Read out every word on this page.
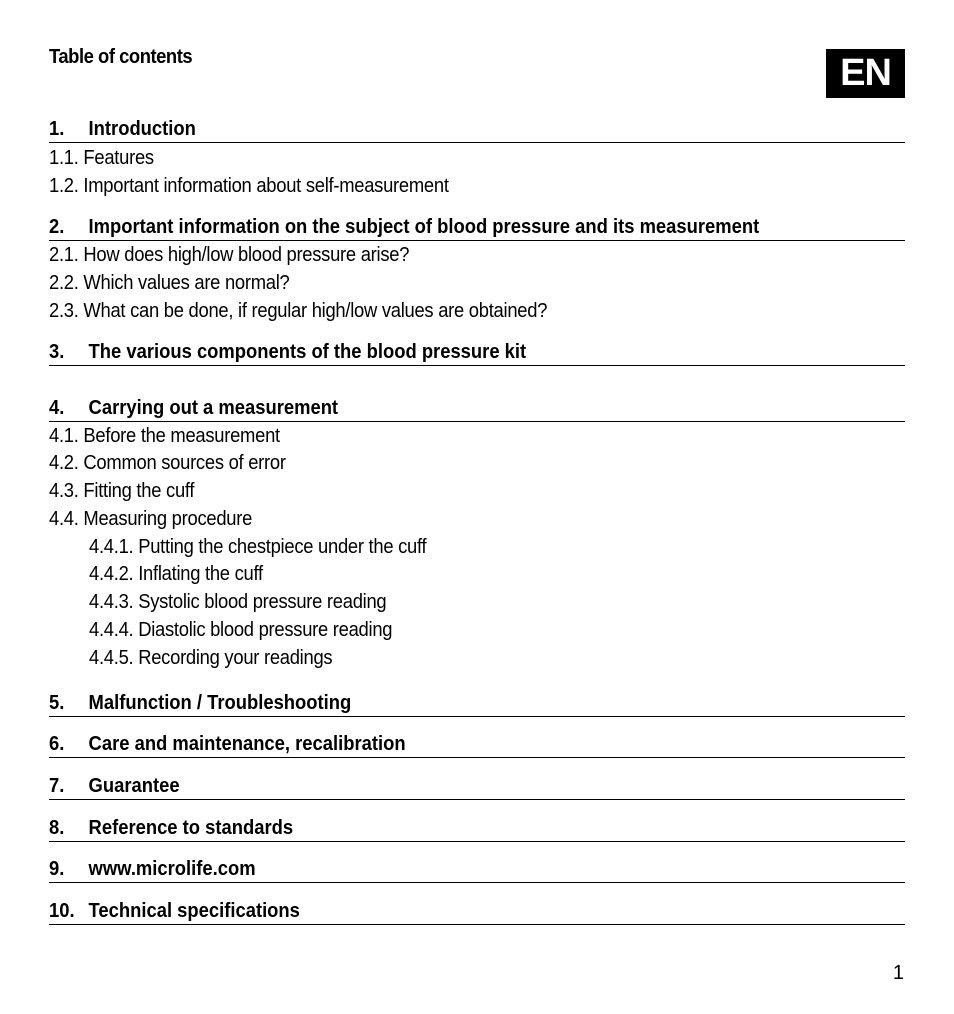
Table of contents	EN
1. Introduction
1.1. Features
1.2. Important information about self-measurement
2. Important information on the subject of blood pressure and its measurement
2.1. How does high/low blood pressure arise?
2.2. Which values are normal?
2.3. What can be done, if regular high/low values are obtained?
3. The various components of the blood pressure kit
4. Carrying out a measurement
4.1. Before the measurement
4.2. Common sources of error
4.3. Fitting the cuff
4.4. Measuring procedure
4.4.1. Putting the chestpiece under the cuff
4.4.2. Inflating the cuff
4.4.3. Systolic blood pressure reading
4.4.4. Diastolic blood pressure reading
4.4.5. Recording your readings
5. Malfunction / Troubleshooting
6. Care and maintenance, recalibration
7. Guarantee
8. Reference to standards
9. www.microlife.com
10. Technical specifications
1
